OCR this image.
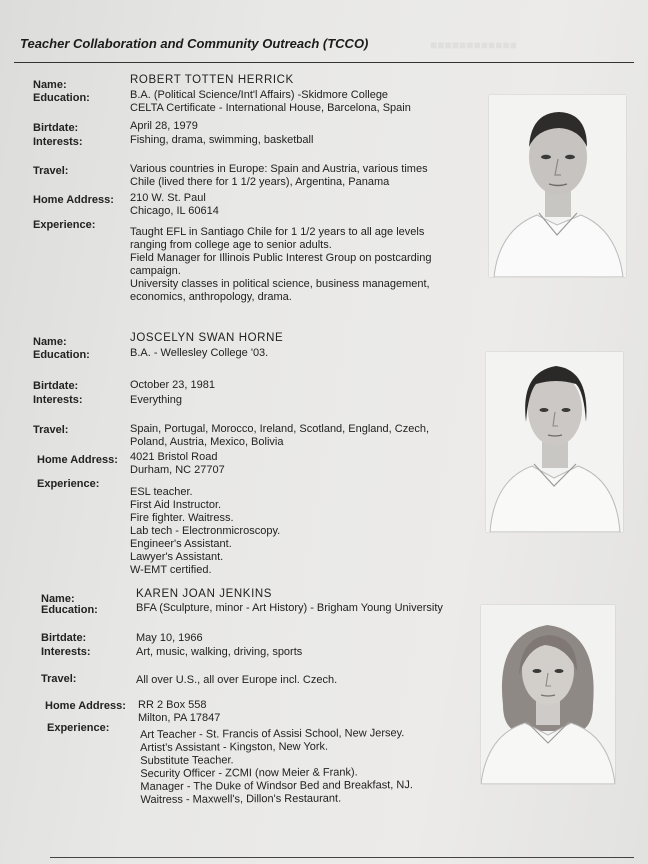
Teacher Collaboration and Community Outreach (TCCO)
Name:	ROBERT TOTTEN HERRICK
Education:	B.A. (Political Science/Int'l Affairs) -Skidmore College
CELTA Certificate - International House, Barcelona, Spain
Birtdate:	April 28, 1979
Interests:	Fishing, drama, swimming, basketball
Travel:	Various countries in Europe: Spain and Austria, various times
Chile (lived there for 1 1/2 years), Argentina, Panama
Home Address: 210 W. St. Paul
Chicago, IL 60614
Experience:
Taught EFL in Santiago Chile for 1 1/2 years to all age levels
ranging from college age to senior adults.
Field Manager for Illinois Public Interest Group on postcarding
campaign.
University classes in political science, business management,
economics, anthropology, drama.
Name:	JOSCELYN SWAN HORNE
Education:	B.A. - Wellesley College '03.
Birtdate:	October 23, 1981
Interests:	Everything
Travel:	Spain, Portugal, Morocco, Ireland, Scotland, England, Czech,
Poland, Austria, Mexico, Bolivia
Home Address: 4021 Bristol Road
Durham, NC 27707
Experience:
ESL teacher.
First Aid Instructor.
Fire fighter. Waitress.
Lab tech - Electronmicroscopy.
Engineer's Assistant.
Lawyer's Assistant.
W-EMT certified.
Name:	KAREN JOAN JENKINS
Education:	BFA (Sculpture, minor - Art History) - Brigham Young University
Birtdate:	May 10, 1966
Interests:	Art, music, walking, driving, sports
Travel:	All over U.S., all over Europe incl. Czech.
Home Address: RR 2 Box 558
Milton, PA 17847
Experience:	Art Teacher - St. Francis of Assisi School, New Jersey.
Artist's Assistant - Kingston, New York.
Substitute Teacher.
Security Officer - ZCMI (now Meier & Frank).
Manager - The Duke of Windsor Bed and Breakfast, NJ.
Waitress - Maxwell's, Dillon's Restaurant.
